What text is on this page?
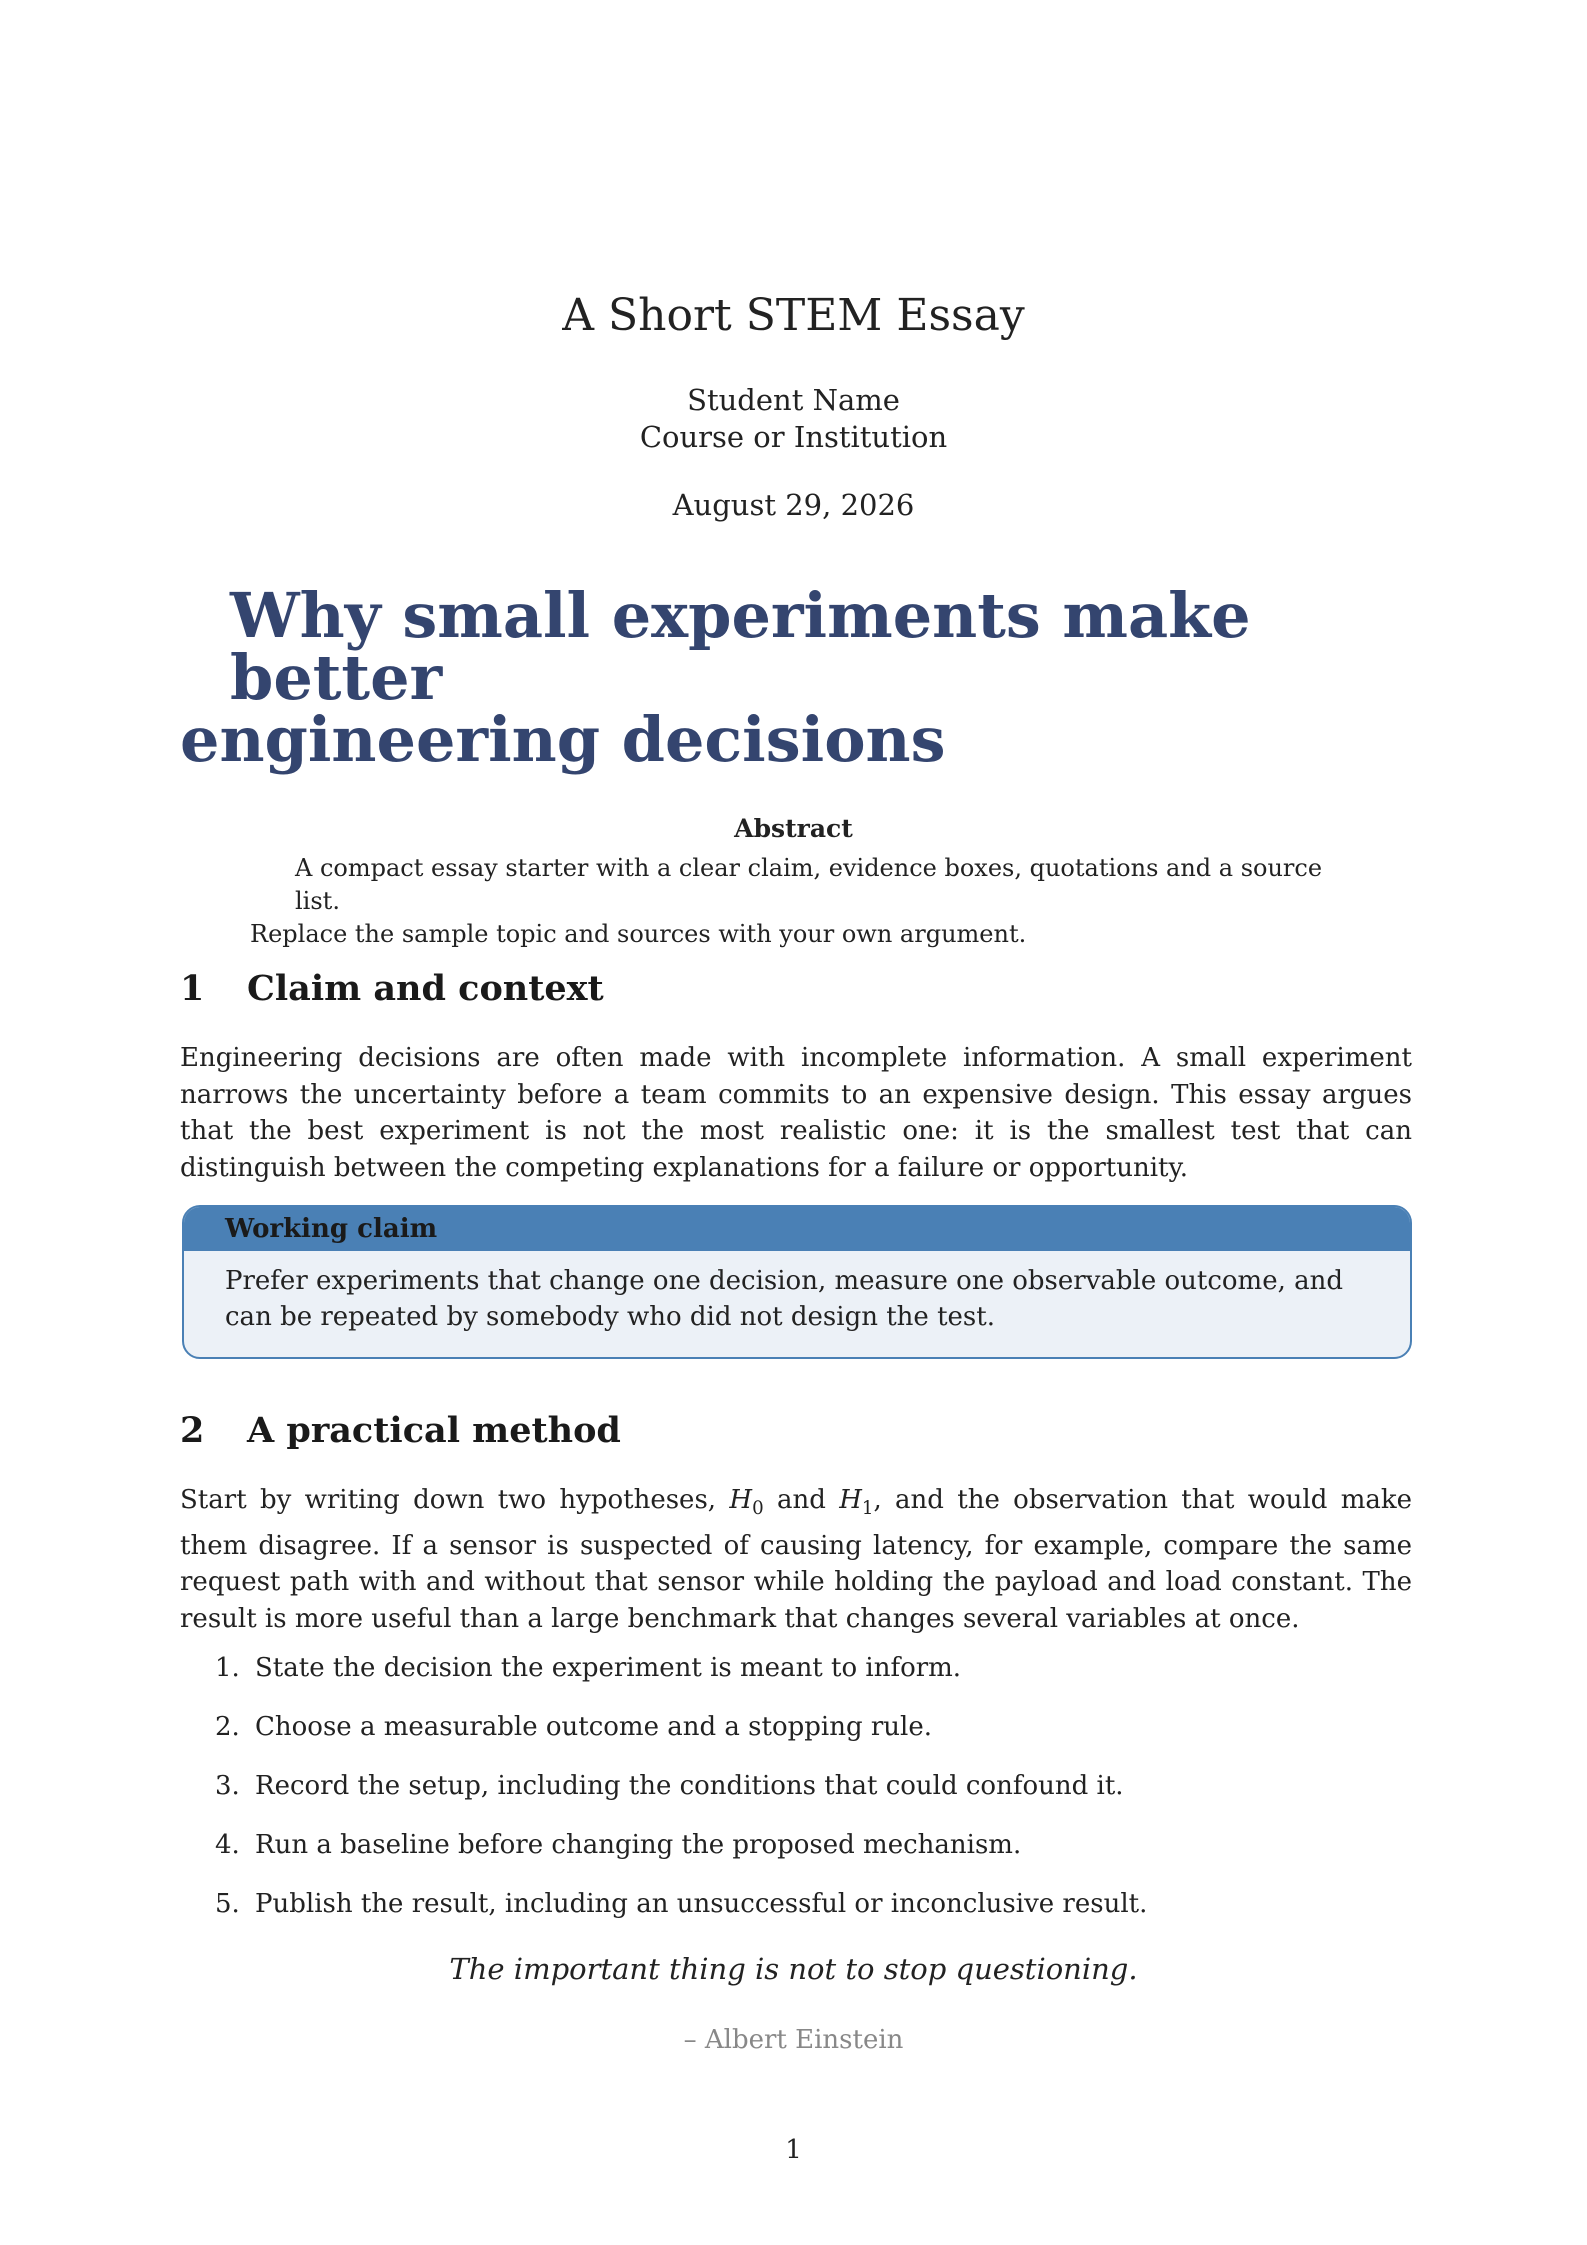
A Short STEM Essay
Student Name
Course or Institution
August 29, 2026
Why small experiments make better
engineering decisions
Abstract
A compact essay starter with a clear claim, evidence boxes, quotations and a source list.
Replace the sample topic and sources with your own argument.
1 Claim and context
Engineering decisions are often made with incomplete information. A small experiment narrows the uncertainty before a team commits to an expensive design. This essay argues that the best experiment is not the most realistic one: it is the smallest test that can distinguish between the competing explanations for a failure or opportunity.
Working claim
Prefer experiments that change one decision, measure one observable outcome, and can be repeated by somebody who did not design the test.
2 A practical method
Start by writing down two hypotheses, $H_0$ and $H_1$, and the observation that would make them disagree. If a sensor is suspected of causing latency, for example, compare the same request path with and without that sensor while holding the payload and load constant. The result is more useful than a large benchmark that changes several variables at once.
1. State the decision the experiment is meant to inform.
2. Choose a measurable outcome and a stopping rule.
3. Record the setup, including the conditions that could confound it.
4. Run a baseline before changing the proposed mechanism.
5. Publish the result, including an unsuccessful or inconclusive result.
The important thing is not to stop questioning.
– Albert Einstein
1
